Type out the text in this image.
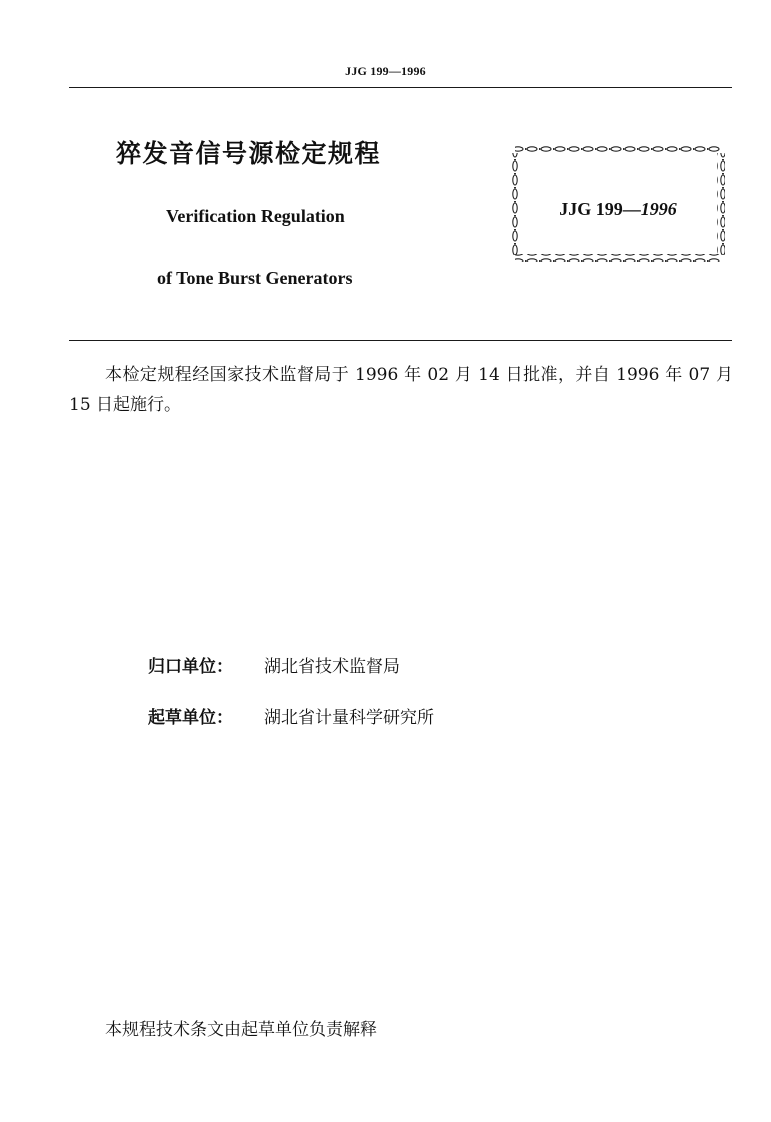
JJG 199—1996
猝发音信号源检定规程
Verification Regulation
of Tone Burst Generators
JJG 199—1996
本检定规程经国家技术监督局于 1996 年 02 月 14 日批准，并自 1996 年 07 月 15 日起施行。
归口单位： 湖北省技术监督局
起草单位： 湖北省计量科学研究所
本规程技术条文由起草单位负责解释
